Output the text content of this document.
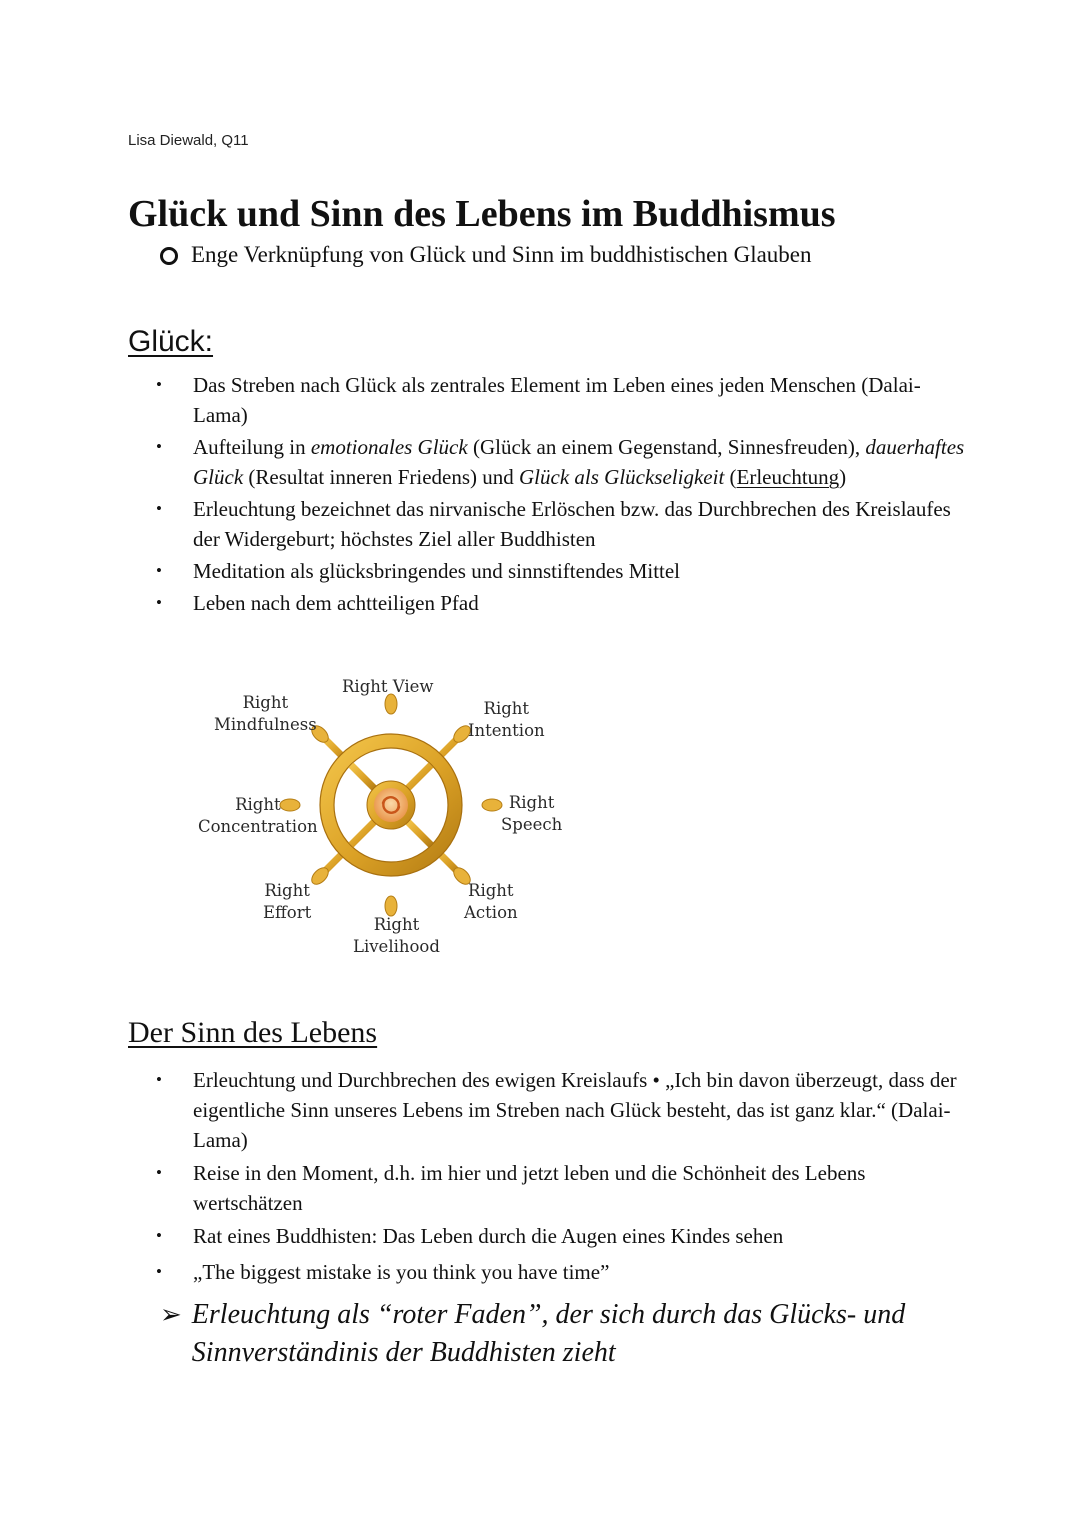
Lisa Diewald, Q11
Glück und Sinn des Lebens im Buddhismus
Enge Verknüpfung von Glück und Sinn im buddhistischen Glauben
Glück:
• Das Streben nach Glück als zentrales Element im Leben eines jeden Menschen (Dalai-Lama)
• Aufteilung in emotionales Glück (Glück an einem Gegenstand, Sinnesfreuden), dauerhaftes Glück (Resultat inneren Friedens) und Glück als Glückseligkeit (Erleuchtung)
• Erleuchtung bezeichnet das nirvanische Erlöschen bzw. das Durchbrechen des Kreislaufes der Widergeburt; höchstes Ziel aller Buddhisten
• Meditation als glücksbringendes und sinnstiftendes Mittel
• Leben nach dem achtteiligen Pfad
Right View
Right
Intention
Right
Speech
Right
Action
Right
Livelihood
Right
Effort
Right
Concentration
Right
Mindfulness
Der Sinn des Lebens
• Erleuchtung und Durchbrechen des ewigen Kreislaufs • „Ich bin davon überzeugt, dass der eigentliche Sinn unseres Lebens im Streben nach Glück besteht, das ist ganz klar.“ (Dalai-Lama)
• Reise in den Moment, d.h. im hier und jetzt leben und die Schönheit des Lebens wertschätzen
• Rat eines Buddhisten: Das Leben durch die Augen eines Kindes sehen
• „The biggest mistake is you think you have time”
➢ Erleuchtung als “roter Faden”, der sich durch das Glücks- und Sinnverständinis der Buddhisten zieht
